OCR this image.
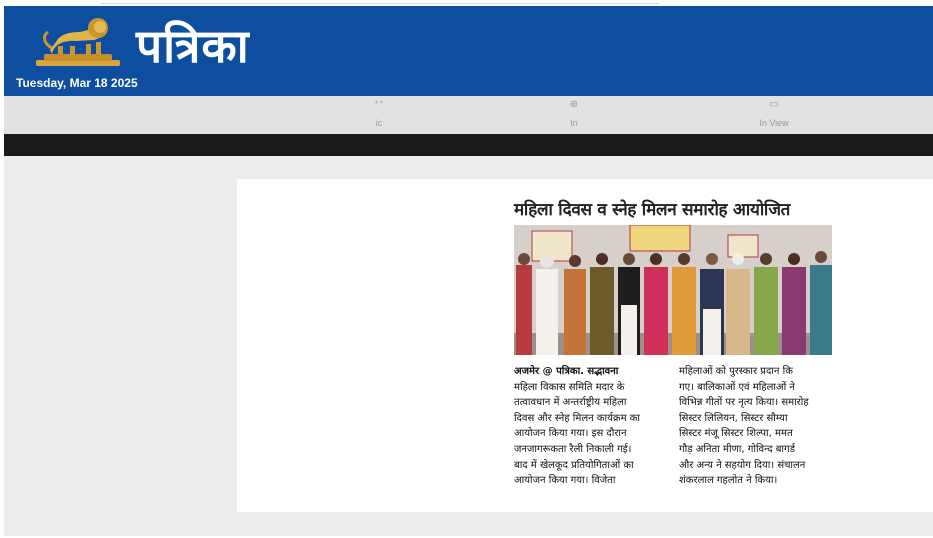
पत्रिका
Tuesday, Mar 18 2025
⁺⁺
ic
⊕
In
▭
In View
महिला दिवस व स्नेह मिलन समारोह आयोजित
अजमेर @ पत्रिका. सद्भावना
महिला विकास समिति मदार के
तत्वावधान में अन्तर्राष्ट्रीय महिला
दिवस और स्नेह मिलन कार्यक्रम का
आयोजन किया गया। इस दौरान
जनजागरूकता रैली निकाली गई।
बाद में खेलकूद प्रतियोगिताओं का
आयोजन किया गया। विजेता
महिलाओं को पुरस्कार प्रदान कि
गए। बालिकाओं एवं महिलाओं ने
विभिन्न गीतों पर नृत्य किया। समारोह
सिस्टर लिलियन, सिस्टर सौम्या
सिस्टर मंजू सिस्टर शिल्पा, ममत
गौड़ अनिता मीणा, गोविन्द बागर्ड
और अन्य ने सहयोग दिया। संचालन
शंकरलाल गहलोत ने किया।
